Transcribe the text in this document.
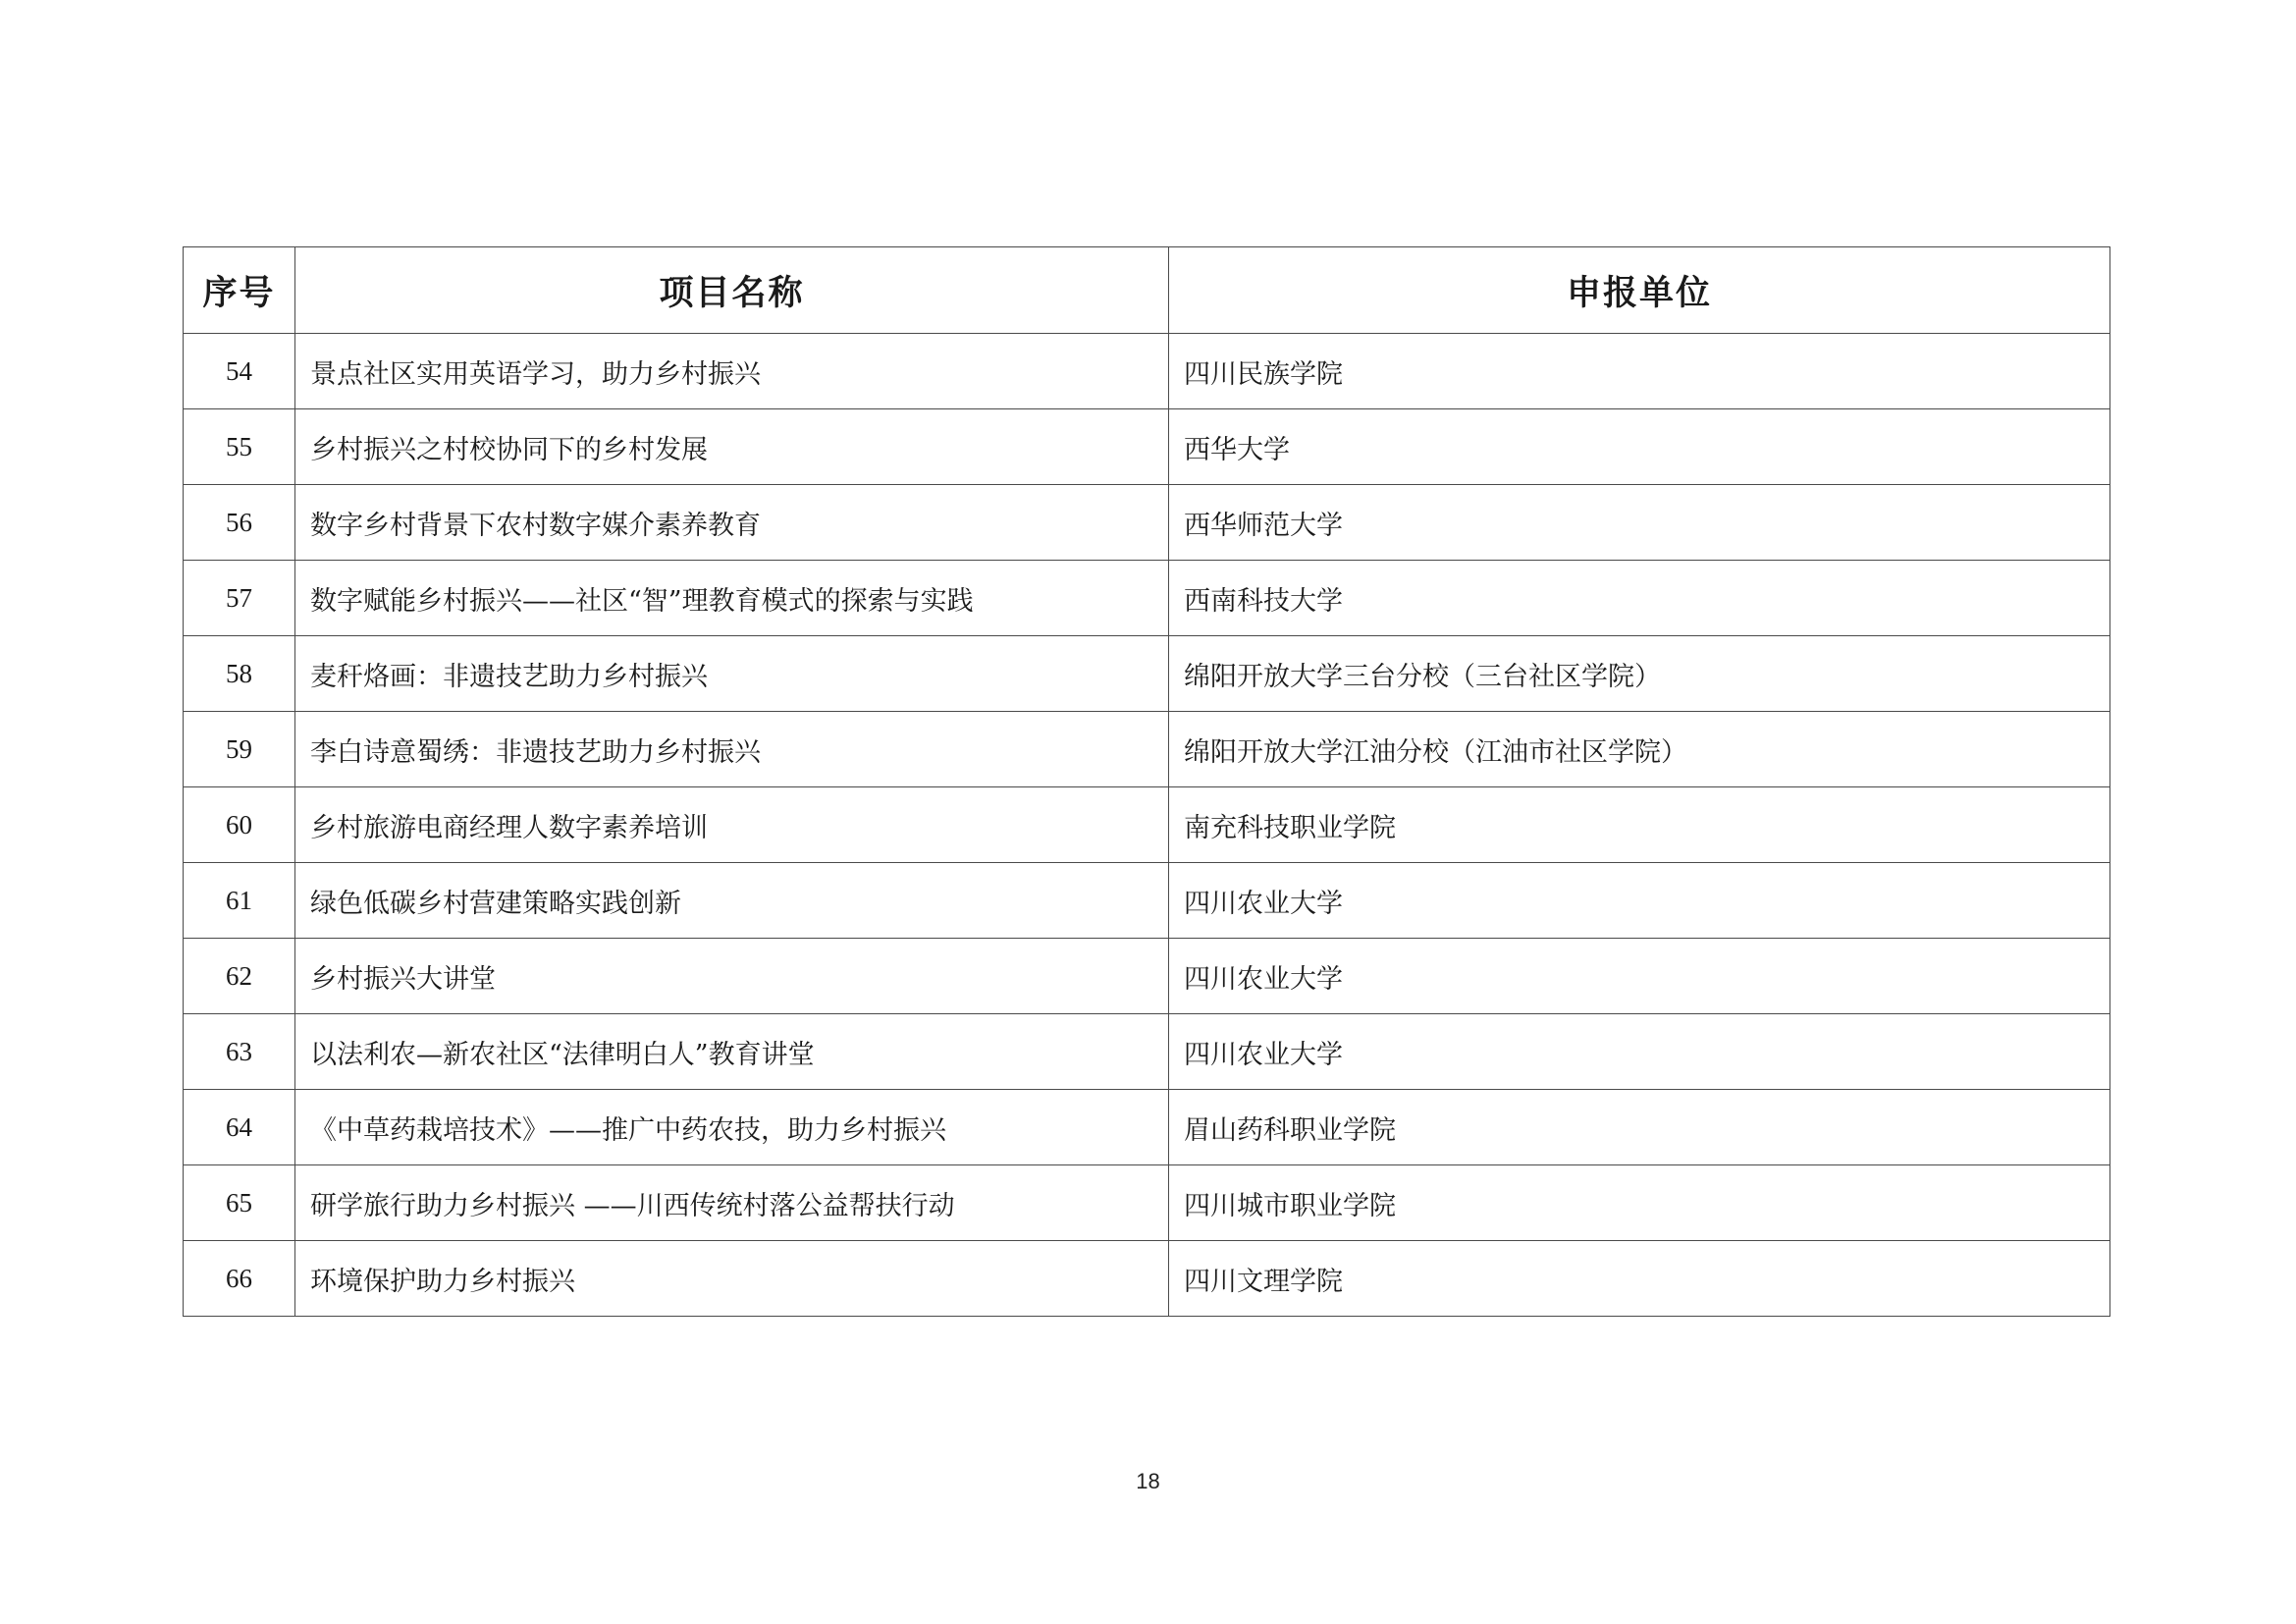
序号	项目名称	申报单位
54	景点社区实用英语学习，助力乡村振兴	四川民族学院
55	乡村振兴之村校协同下的乡村发展	西华大学
56	数字乡村背景下农村数字媒介素养教育	西华师范大学
57	数字赋能乡村振兴——社区“智”理教育模式的探索与实践	西南科技大学
58	麦秆烙画：非遗技艺助力乡村振兴	绵阳开放大学三台分校（三台社区学院）
59	李白诗意蜀绣：非遗技艺助力乡村振兴	绵阳开放大学江油分校（江油市社区学院）
60	乡村旅游电商经理人数字素养培训	南充科技职业学院
61	绿色低碳乡村营建策略实践创新	四川农业大学
62	乡村振兴大讲堂	四川农业大学
63	以法利农—新农社区“法律明白人”教育讲堂	四川农业大学
64	《中草药栽培技术》——推广中药农技，助力乡村振兴	眉山药科职业学院
65	研学旅行助力乡村振兴 ——川西传统村落公益帮扶行动	四川城市职业学院
66	环境保护助力乡村振兴	四川文理学院
18
